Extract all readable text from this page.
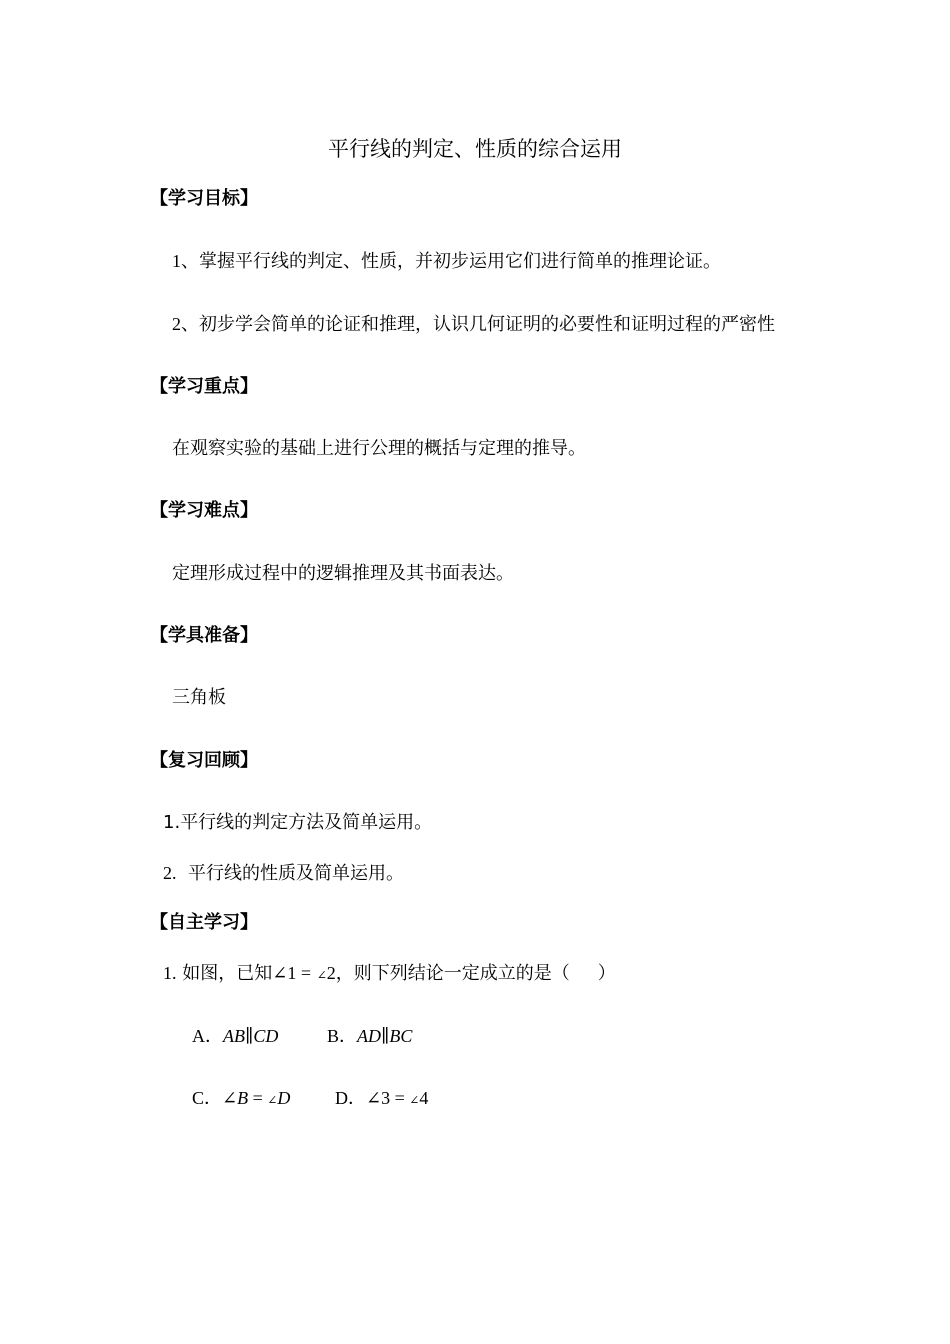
平行线的判定、性质的综合运用
【学习目标】
1、掌握平行线的判定、性质，并初步运用它们进行简单的推理论证。
2、初步学会简单的论证和推理，认识几何证明的必要性和证明过程的严密性
【学习重点】
在观察实验的基础上进行公理的概括与定理的推导。
【学习难点】
定理形成过程中的逻辑推理及其书面表达。
【学具准备】
三角板
【复习回顾】
1.平行线的判定方法及简单运用。
2. 平行线的性质及简单运用。
【自主学习】
1. 如图，已知∠1 = ∠2，则下列结论一定成立的是（ ）
A．AB∥CD	B．AD∥BC
C．∠B = ∠D D．∠3 = ∠4
